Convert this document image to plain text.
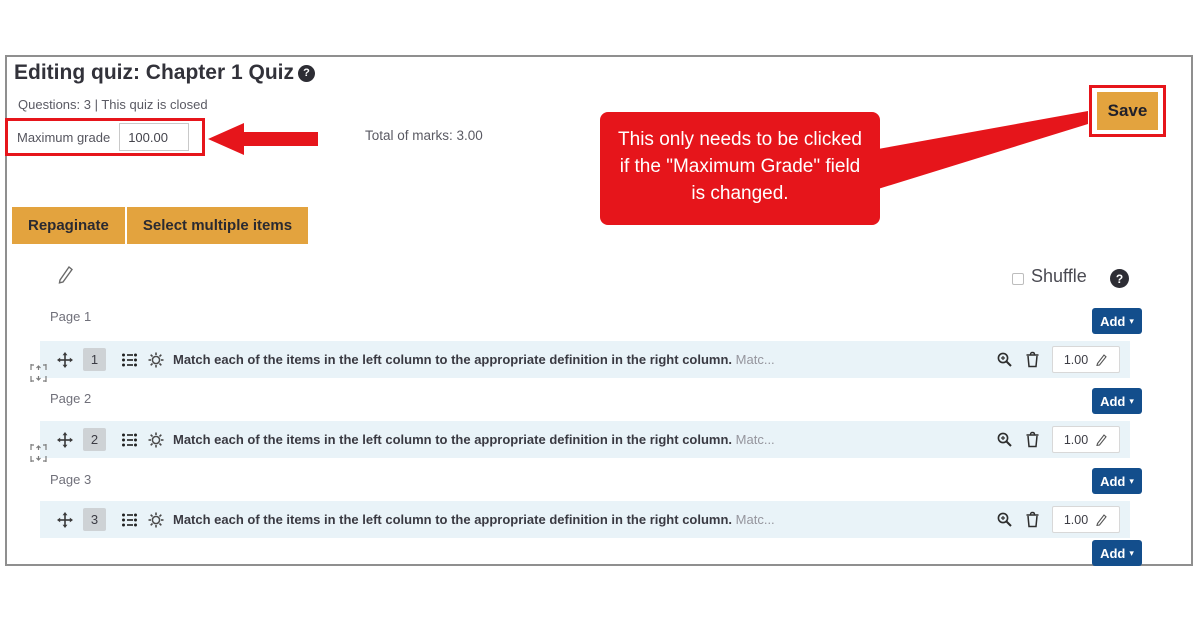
Editing quiz: Chapter 1 Quiz ?
Questions: 3 | This quiz is closed
Maximum grade
100.00	Total of marks: 3.00	This only needs to be clicked if the "Maximum Grade" field is changed.
Save
Repaginate	Select multiple items
Shuffle	?
Page 1	Add ▾
1	Match each of the items in the left column to the appropriate definition in the right column. Matc...	1.00
Page 2	Add ▾
2	Match each of the items in the left column to the appropriate definition in the right column. Matc...	1.00
Page 3	Add ▾
3	Match each of the items in the left column to the appropriate definition in the right column. Matc...	1.00
Add ▾
